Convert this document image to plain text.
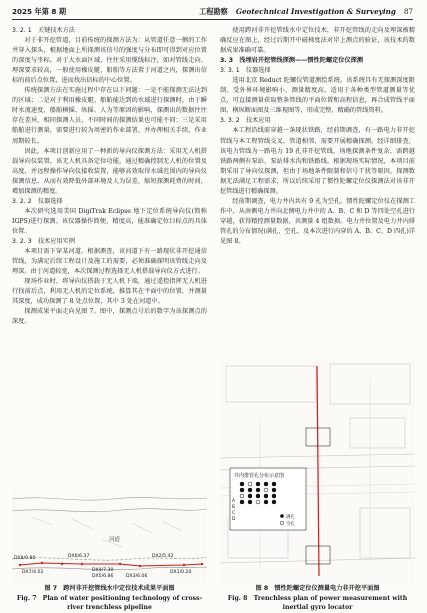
2025 年第 8 期	工程勘察 Geotechnical Investigation & Surveying 87
3. 2. 1　关键技术方法

对于非开挖管道，目前传统的探测方法为：从管道任意一侧的工作井穿入探头，根据地面上所探测该信号的强度与分布即可得到对应位置的深度与坐标。对于大水面区域，往往采用缆线标注，如对管线走向、埋深要求较高，一般使用橡皮艇、船舶等方法置于河道之内，探测出信标的前后点位置，进而找出信标的中心位置。

传统探测方法在实施过程中存在以下问题：一是不能探测无法达到的区域；二是对于利用橡皮艇、船舶能达到的水域进行探测时，由于瞬时水流速度、船舶横摇、纵摇、人为等原因的影响，探测出的数据往往存在差异，相同探测人员，不同时间的探测结果也可能不同；三是采用船舶进行测量，需要进行较为周密的作业部署，并办理相关手续，作业周期较长。

因此，本项目创新应用了一种新的导向仪探测方法：采用无人机搭载导向仪装置。该无人机具备定位功能，通过精确控制无人机的位置及高度，并远程操作导向仪接收装置，能够高效取得水域范围内的导向仪探测信息，从而有效降低外部环境及人为误差，缩短探测耗费的时间，增加探测的精度。

3. 2. 2　仪器选择

本次研究选用美国 DigiTrak Eclipse 地下定位系统导向仪(简称 IGPS)进行探测。该仪器操作简便，精度高，能准确定位目标点的具体位置。

3. 2. 3　技术应用实例

本项目需下穿某河道。根据测查，该河道下有一路现状非开挖通信管线，为满足后续工程设计及施工的需要，必须准确探明该管线走向及埋深。由于河道较宽，本次探测过程选择无人机搭载导向仪方式进行。

现场作业时，将导向仪搭载于无人机下端，通过遥控指挥无人机进行找前后点，利用无人机的定位系统，推算其在平面中的位置，并测量其深度，成功探测了 8 处点位置，其中 3 处在河道中。

探测成果平面走向见图 7。图中，探测点号后的数字为该探测点的深度。

使用跨河非开挖管线水中定位技术，非开挖管线的走向及埋深被精确反应在图上，经过后期开中磁梯度法对岸上测点的验证，该技术的数据成果准确可靠。

3. 3　浅埋岩开挖管线探测——惯性陀螺定位仪探测
3. 3. 1　仪器选择

选用北京 Reduct 陀螺仪管道测绘系统。该系统具有无探测深度限制、受外界环境影响小、测量精度高、适用于各种类型管道测量等优点，可直接测量获取整条管线的平面位置和高程信息，再合成管线平面图、横纵断面图及三维视图等，形成完整、精确的管线资料。

3. 3. 2　技术应用

本工程沿线需穿越一条现状铁路，经前期调查，有一路电力非开挖管线与本工程管线交叉，管道相邻，需要开展精确探测。经详细排查，该电力管线为一路电力 19 孔非开挖管线，场地探测条件复杂，需跨越铁路两侧有泵站、泵站排水沟和铁路线。根据现场实际情况，本项目前期采用了导向仪探测，但由于场地条件限制和信号干扰等原因，探测数据无法满足工程需求，所以后续采用了惯性陀螺定位仪探测法对该非开挖管线进行精确探测。

经前期调查，电力井内共有 9 孔为空孔。惯性陀螺定位仪在探测工作中，从南侧电力井向北侧电力井中的 A、B、C 和 D 等四处空孔进行穿越，获得精控测量数据，共测量 4 组数据。电力井位置及电力井内排管孔的分布情况(满孔、空孔，及本次进行内穿的 A、B、C、D 四孔)详见图 8。

河道
DX8/0.80	DX6/6.37
DX4/7.30
DX5/6.86	DX3/6.06
DX2/5.42
DX1/0.20
DX7/4.02
井内排管孔分布示意图
A
B
C
D	满孔
空孔
图 7　跨河非开挖管线水中定位技术成果平面图
Fig. 7　Plan of water positioning technology of cross-river trenchless pipeline
图 8　惯性陀螺定位仪测量电力非开挖平面图
Fig. 8　Trenchless plan of power measurement with inertial gyro locator
